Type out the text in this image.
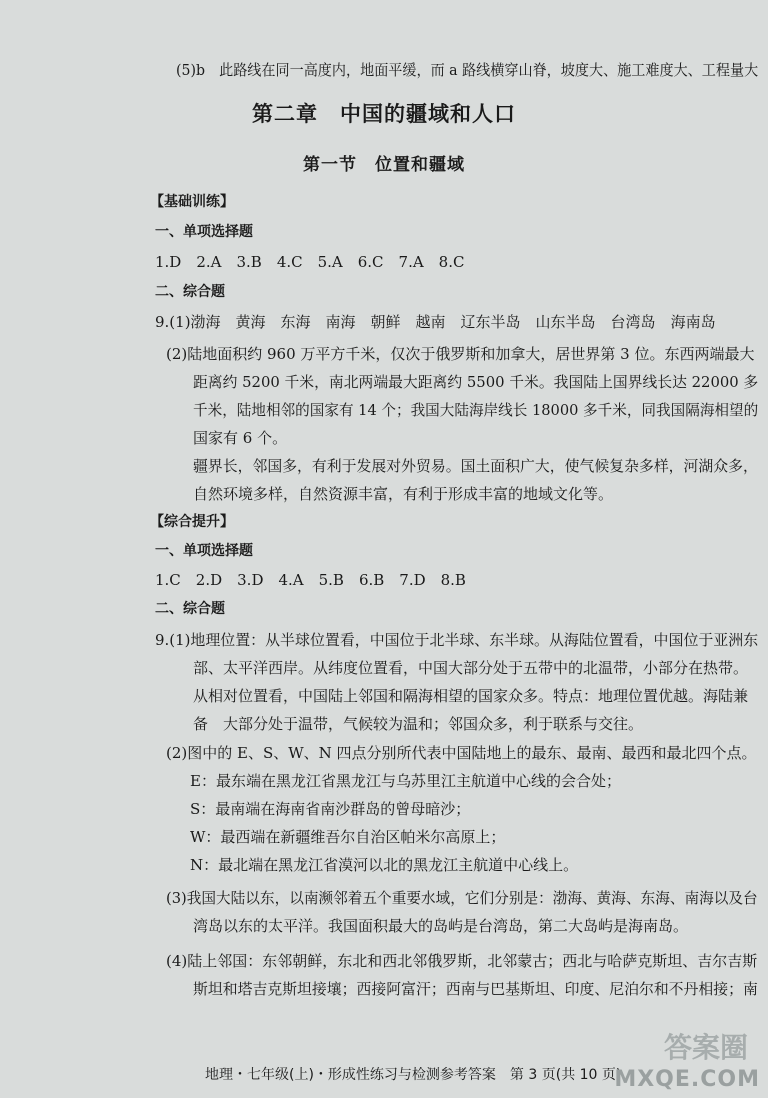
(5)b　此路线在同一高度内，地面平缓，而 a 路线横穿山脊，坡度大、施工难度大、工程量大
第二章　中国的疆域和人口
第一节　位置和疆域
【基础训练】
一、单项选择题
1.D　2.A　3.B　4.C　5.A　6.C　7.A　8.C
二、综合题
9.(1)渤海　黄海　东海　南海　朝鲜　越南　辽东半岛　山东半岛　台湾岛　海南岛
(2)陆地面积约 960 万平方千米，仅次于俄罗斯和加拿大，居世界第 3 位。东西两端最大
距离约 5200 千米，南北两端最大距离约 5500 千米。我国陆上国界线长达 22000 多
千米，陆地相邻的国家有 14 个；我国大陆海岸线长 18000 多千米，同我国隔海相望的
国家有 6 个。
疆界长，邻国多，有利于发展对外贸易。国土面积广大，使气候复杂多样，河湖众多，
自然环境多样，自然资源丰富，有利于形成丰富的地域文化等。
【综合提升】
一、单项选择题
1.C　2.D　3.D　4.A　5.B　6.B　7.D　8.B
二、综合题
9.(1)地理位置：从半球位置看，中国位于北半球、东半球。从海陆位置看，中国位于亚洲东
部、太平洋西岸。从纬度位置看，中国大部分处于五带中的北温带，小部分在热带。
从相对位置看，中国陆上邻国和隔海相望的国家众多。特点：地理位置优越。海陆兼
备　大部分处于温带，气候较为温和；邻国众多，利于联系与交往。
(2)图中的 E、S、W、N 四点分别所代表中国陆地上的最东、最南、最西和最北四个点。
E：最东端在黑龙江省黑龙江与乌苏里江主航道中心线的会合处；
S：最南端在海南省南沙群岛的曾母暗沙；
W：最西端在新疆维吾尔自治区帕米尔高原上；
N：最北端在黑龙江省漠河以北的黑龙江主航道中心线上。
(3)我国大陆以东，以南濒邻着五个重要水域，它们分别是：渤海、黄海、东海、南海以及台
湾岛以东的太平洋。我国面积最大的岛屿是台湾岛，第二大岛屿是海南岛。
(4)陆上邻国：东邻朝鲜，东北和西北邻俄罗斯，北邻蒙古；西北与哈萨克斯坦、吉尔吉斯
斯坦和塔吉克斯坦接壤；西接阿富汗；西南与巴基斯坦、印度、尼泊尔和不丹相接；南
地理・七年级(上)・形成性练习与检测参考答案　第 3 页(共 10 页)
答案圈
MXQE.COM
